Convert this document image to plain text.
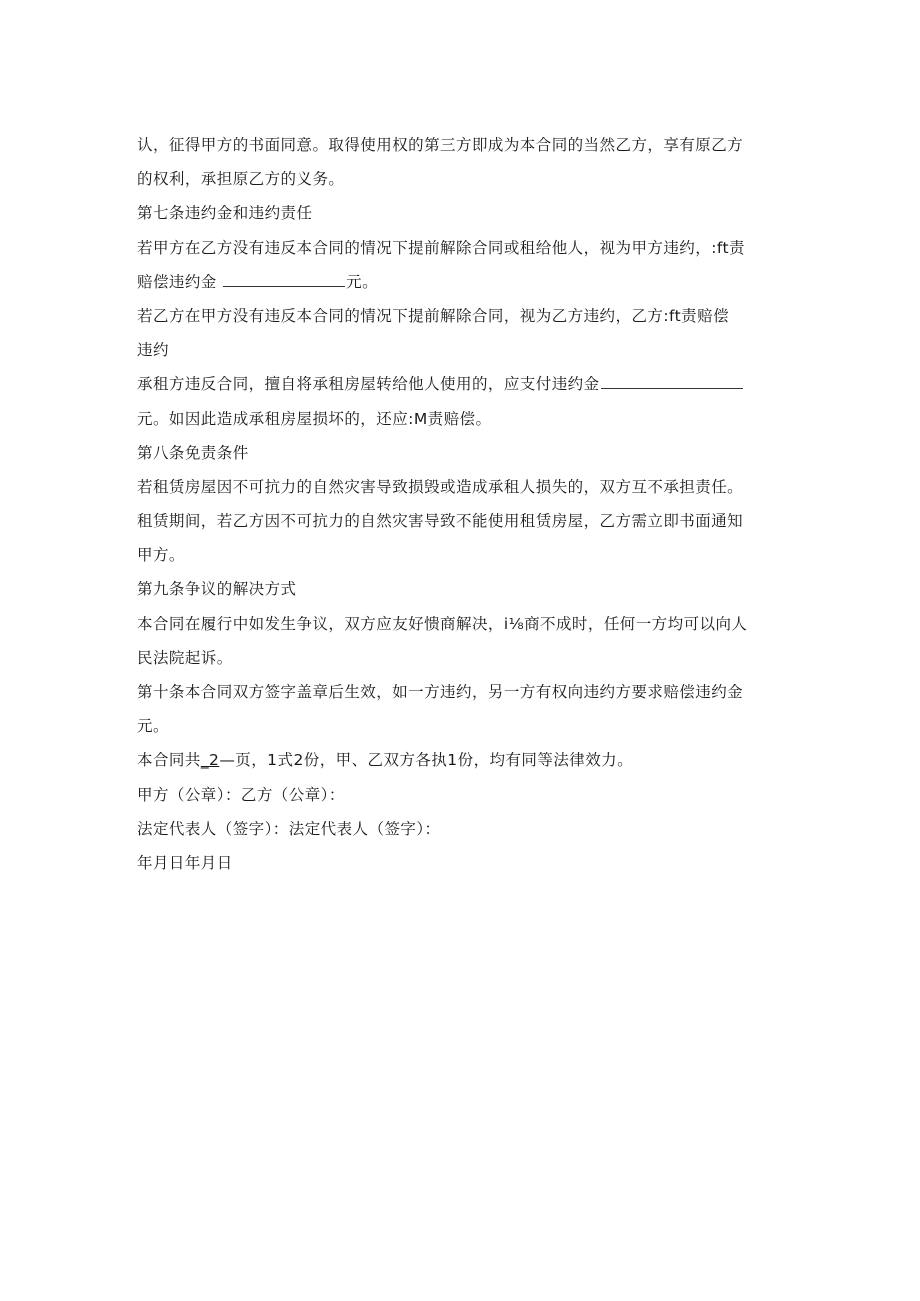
认，征得甲方的书面同意。取得使用权的第三方即成为本合同的当然乙方，享有原乙方
的权利，承担原乙方的义务。
第七条违约金和违约责任
若甲方在乙方没有违反本合同的情况下提前解除合同或租给他人，视为甲方违约，:ft责
赔偿违约金	元。
若乙方在甲方没有违反本合同的情况下提前解除合同，视为乙方违约，乙方:ft责赔偿
违约
承租方违反合同，擅自将承租房屋转给他人使用的，应支付违约金
元。如因此造成承租房屋损坏的，还应:M责赔偿。
第八条免责条件
若租赁房屋因不可抗力的自然灾害导致损毁或造成承租人损失的，双方互不承担责任。
租赁期间，若乙方因不可抗力的自然灾害导致不能使用租赁房屋，乙方需立即书面通知
甲方。
第九条争议的解决方式
本合同在履行中如发生争议，双方应友好愦商解决，i⅛商不成时，任何一方均可以向人
民法院起诉。
第十条本合同双方签字盖章后生效，如一方违约，另一方有权向违约方要求赔偿违约金
元。
本合同共_2—页，1式2份，甲、乙双方各执1份，均有同等法律效力。
甲方（公章）：乙方（公章）：
法定代表人（签字）：法定代表人（签字）：
年月日年月日
